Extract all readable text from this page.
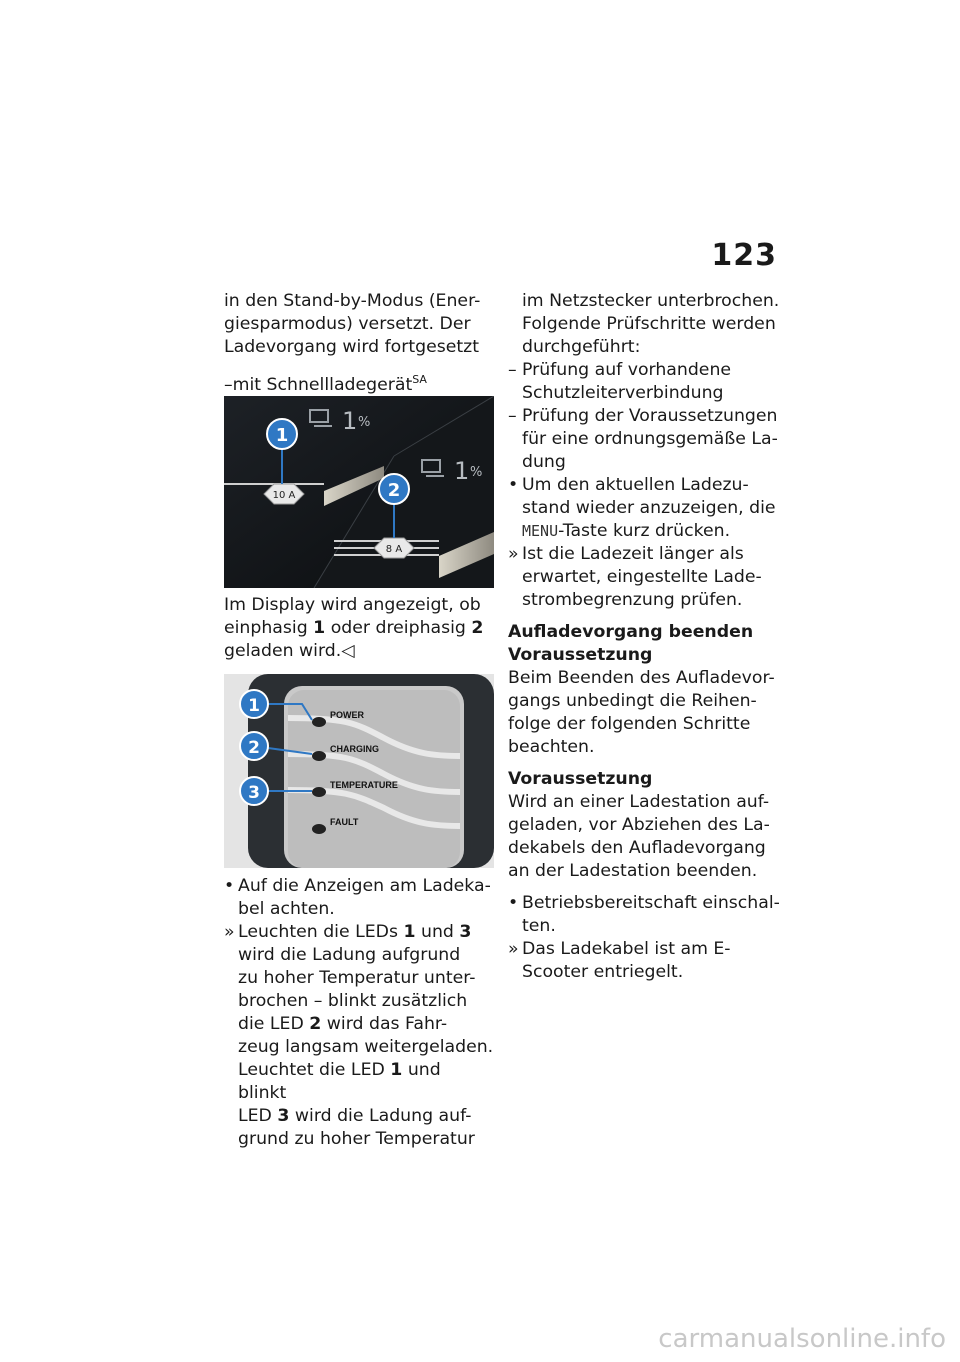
123

in den Stand-by-Modus (Ener-
giesparmodus) versetzt. Der
Ladevorgang wird fortgesetzt

–mit Schnellladegerät$^{SA}$

10 A
8 A
1 %
1 %
1
2

Im Display wird angezeigt, ob
einphasig 1 oder dreiphasig 2
geladen wird.◁

POWER
CHARGING
TEMPERATURE
FAULT
1
2
3
• Auf die Anzeigen am Ladeka-
bel achten.
» Leuchten die LEDs 1 und 3
wird die Ladung aufgrund
zu hoher Temperatur unter-
brochen – blinkt zusätzlich
die LED 2 wird das Fahr-
zeug langsam weitergeladen.
Leuchtet die LED 1 und blinkt
LED 3 wird die Ladung auf-
grund zu hoher Temperatur
im Netzstecker unterbrochen.
Folgende Prüfschritte werden
durchgeführt:
– Prüfung auf vorhandene
Schutzleiterverbindung
– Prüfung der Voraussetzungen
für eine ordnungsgemäße La-
dung
• Um den aktuellen Ladezu-
stand wieder anzuzeigen, die
MENU-Taste kurz drücken.
» Ist die Ladezeit länger als
erwartet, eingestellte Lade-
strombegrenzung prüfen.

Aufladevorgang beenden

Voraussetzung

Beim Beenden des Aufladevor-
gangs unbedingt die Reihen-
folge der folgenden Schritte
beachten.

Voraussetzung

Wird an einer Ladestation auf-
geladen, vor Abziehen des La-
dekabels den Aufladevorgang
an der Ladestation beenden.

• Betriebsbereitschaft einschal-
ten.
» Das Ladekabel ist am E-
Scooter entriegelt.
carmanualsonline.info
